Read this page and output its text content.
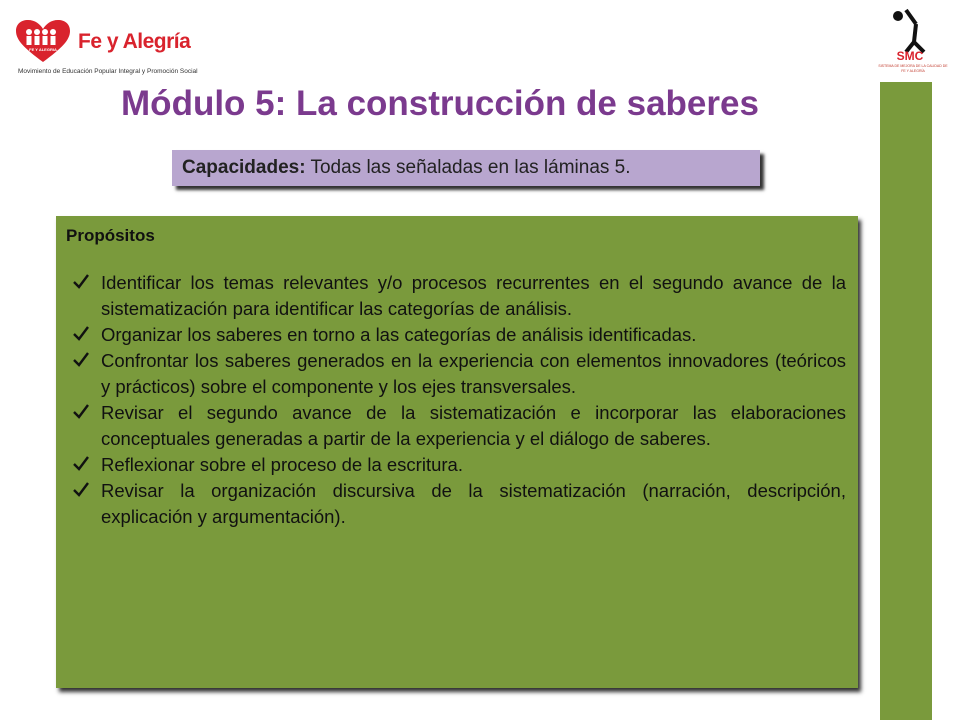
FE Y ALEGRIA Fe y Alegría
Movimiento de Educación Popular Integral y Promoción Social
SMC
SISTEMA DE MEJORA DE LA CALIDAD DE FE Y ALEGRÍA
Módulo 5: La construcción de saberes
Capacidades: Todas las señaladas en las láminas 5.

Propósitos

Identificar los temas relevantes y/o procesos recurrentes en el segundo avance de la sistematización para identificar las categorías de análisis.
Organizar los saberes en torno a las categorías de análisis identificadas.
Confrontar los saberes generados en la experiencia con elementos innovadores (teóricos y prácticos) sobre el componente y los ejes transversales.
Revisar el segundo avance de la sistematización e incorporar las elaboraciones conceptuales generadas a partir de la experiencia y el diálogo de saberes.
Reflexionar sobre el proceso de la escritura.
Revisar la organización discursiva de la sistematización (narración, descripción, explicación y argumentación).
